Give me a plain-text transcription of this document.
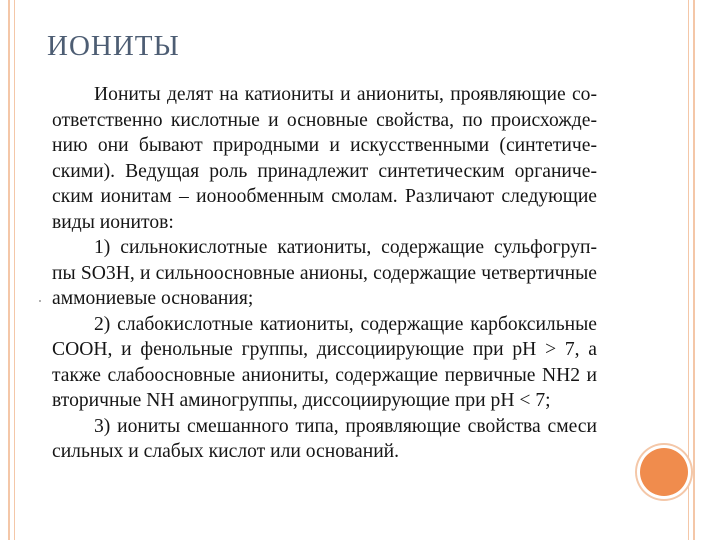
ИОНИТЫ

Иониты делят на катиониты и аниониты, проявляющие со-

ответственно кислотные и основные свойства, по происхожде-

нию они бывают природными и искусственными (синтетиче-

скими). Ведущая роль принадлежит синтетическим органиче-

ским ионитам – ионообменным смолам. Различают следующие

виды ионитов:

1) сильнокислотные катиониты, содержащие сульфогруп-

пы SO3H, и сильноосновные анионы, содержащие четвертичные

аммониевые основания;

2) слабокислотные катиониты, содержащие карбоксильные

COOH, и фенольные группы, диссоциирующие при pH > 7, а

также слабоосновные аниониты, содержащие первичные NH2 и

вторичные NH аминогруппы, диссоциирующие при pH < 7;

3) иониты смешанного типа, проявляющие свойства смеси

сильных и слабых кислот или оснований.
